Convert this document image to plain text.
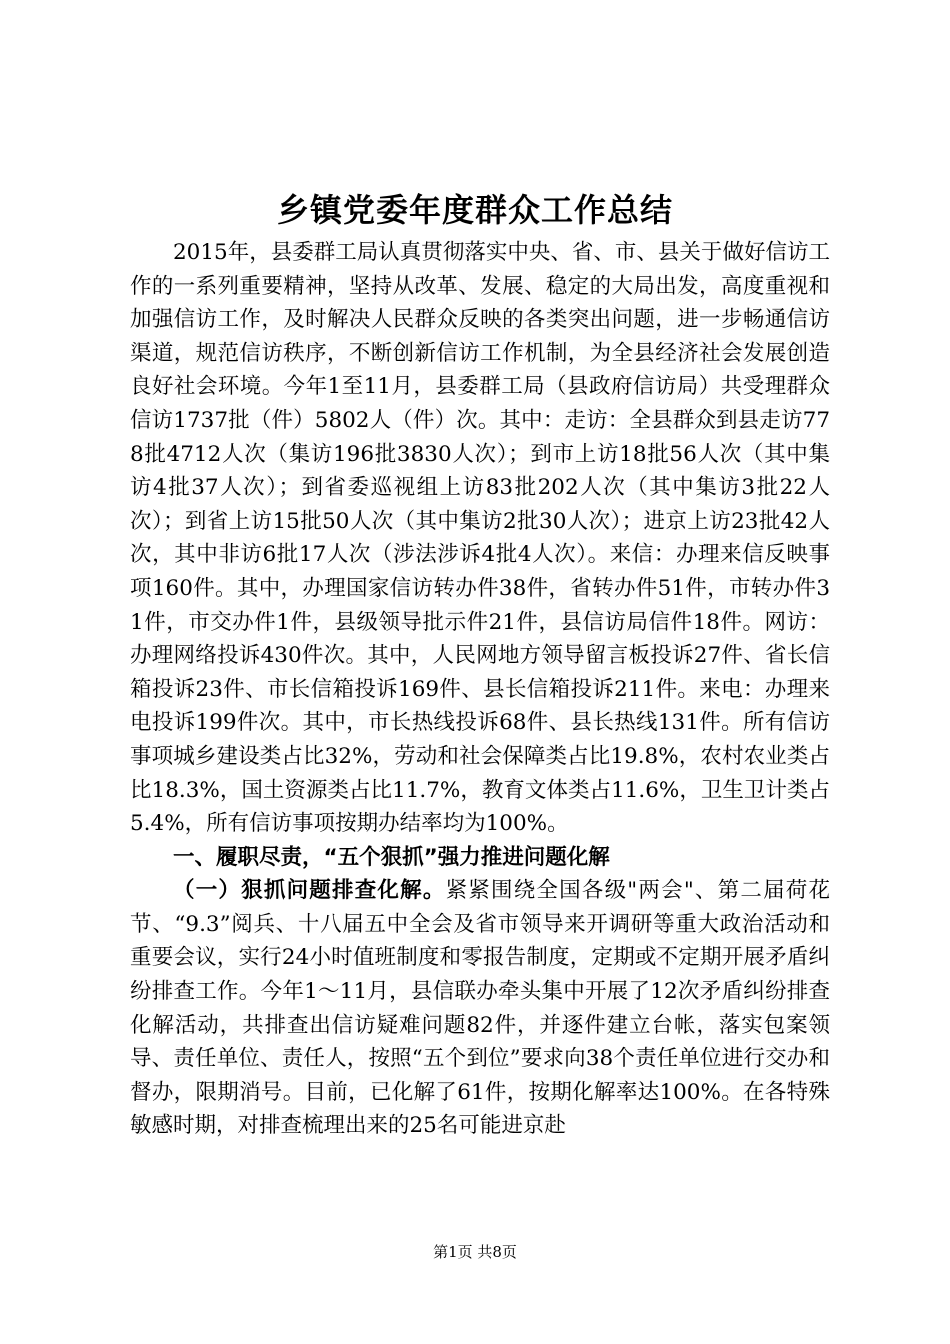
乡镇党委年度群众工作总结

2015年，县委群工局认真贯彻落实中央、省、市、县关于做好信访工作的一系列重要精神，坚持从改革、发展、稳定的大局出发，高度重视和加强信访工作，及时解决人民群众反映的各类突出问题，进一步畅通信访渠道，规范信访秩序，不断创新信访工作机制，为全县经济社会发展创造良好社会环境。今年1至11月，县委群工局（县政府信访局）共受理群众信访1737批（件）5802人（件）次。其中：走访：全县群众到县走访778批4712人次（集访196批3830人次）；到市上访18批56人次（其中集访4批37人次）；到省委巡视组上访83批202人次（其中集访3批22人次）；到省上访15批50人次（其中集访2批30人次）；进京上访23批42人次，其中非访6批17人次（涉法涉诉4批4人次）。来信：办理来信反映事项160件。其中，办理国家信访转办件38件，省转办件51件，市转办件31件，市交办件1件，县级领导批示件21件，县信访局信件18件。网访：办理网络投诉430件次。其中，人民网地方领导留言板投诉27件、省长信箱投诉23件、市长信箱投诉169件、县长信箱投诉211件。来电：办理来电投诉199件次。其中，市长热线投诉68件、县长热线131件。所有信访事项城乡建设类占比32%，劳动和社会保障类占比19.8%，农村农业类占比18.3%，国土资源类占比11.7%，教育文体类占11.6%，卫生卫计类占5.4%，所有信访事项按期办结率均为100%。

一、履职尽责，“五个狠抓”强力推进问题化解

（一）狠抓问题排查化解。紧紧围绕全国各级"两会"、第二届荷花节、“9.3”阅兵、十八届五中全会及省市领导来开调研等重大政治活动和重要会议，实行24小时值班制度和零报告制度，定期或不定期开展矛盾纠纷排查工作。今年1～11月，县信联办牵头集中开展了12次矛盾纠纷排查化解活动，共排查出信访疑难问题82件，并逐件建立台帐，落实包案领导、责任单位、责任人，按照“五个到位”要求向38个责任单位进行交办和督办，限期消号。目前，已化解了61件，按期化解率达100%。在各特殊敏感时期，对排查梳理出来的25名可能进京赴

第1页 共8页
